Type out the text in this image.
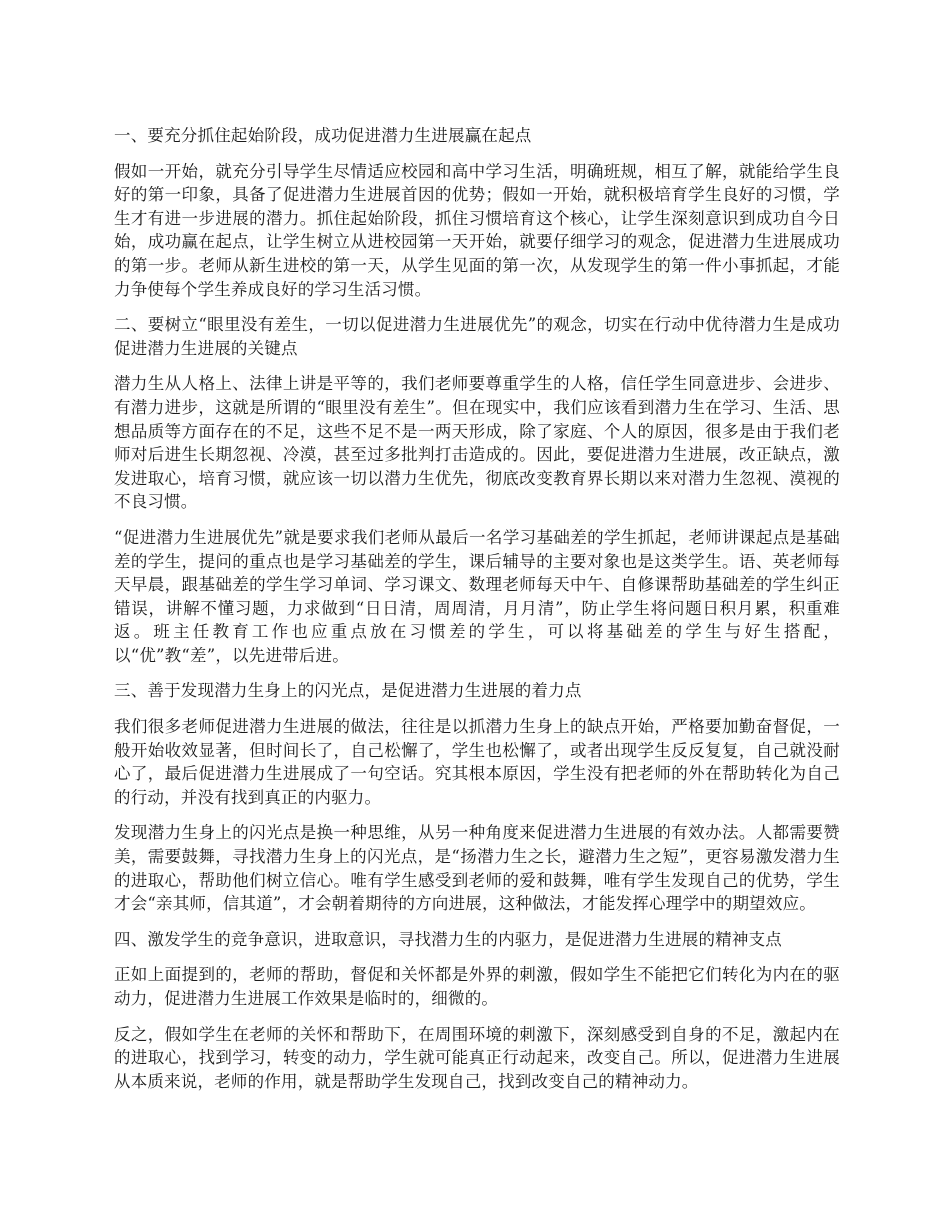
一、要充分抓住起始阶段，成功促进潜力生进展赢在起点

假如一开始，就充分引导学生尽情适应校园和高中学习生活，明确班规，相互了解，就能给学生良好的第一印象，具备了促进潜力生进展首因的优势；假如一开始，就积极培育学生良好的习惯，学生才有进一步进展的潜力。抓住起始阶段，抓住习惯培育这个核心，让学生深刻意识到成功自今日始，成功赢在起点，让学生树立从进校园第一天开始，就要仔细学习的观念，促进潜力生进展成功的第一步。老师从新生进校的第一天，从学生见面的第一次，从发现学生的第一件小事抓起，才能力争使每个学生养成良好的学习生活习惯。

二、要树立“眼里没有差生，一切以促进潜力生进展优先”的观念，切实在行动中优待潜力生是成功促进潜力生进展的关键点

潜力生从人格上、法律上讲是平等的，我们老师要尊重学生的人格，信任学生同意进步、会进步、有潜力进步，这就是所谓的“眼里没有差生”。但在现实中，我们应该看到潜力生在学习、生活、思想品质等方面存在的不足，这些不足不是一两天形成，除了家庭、个人的原因，很多是由于我们老师对后进生长期忽视、冷漠，甚至过多批判打击造成的。因此，要促进潜力生进展，改正缺点，激发进取心，培育习惯，就应该一切以潜力生优先，彻底改变教育界长期以来对潜力生忽视、漠视的不良习惯。

“促进潜力生进展优先”就是要求我们老师从最后一名学习基础差的学生抓起，老师讲课起点是基础差的学生，提问的重点也是学习基础差的学生，课后辅导的主要对象也是这类学生。语、英老师每天早晨，跟基础差的学生学习单词、学习课文、数理老师每天中午、自修课帮助基础差的学生纠正错误，讲解不懂习题，力求做到“日日清，周周清，月月清”，防止学生将问题日积月累，积重难返。班主任教育工作也应重点放在习惯差的学生，可以将基础差的学生与好生搭配，以“优”教“差”，以先进带后进。

三、善于发现潜力生身上的闪光点，是促进潜力生进展的着力点

我们很多老师促进潜力生进展的做法，往往是以抓潜力生身上的缺点开始，严格要加勤奋督促，一般开始收效显著，但时间长了，自己松懈了，学生也松懈了，或者出现学生反反复复，自己就没耐心了，最后促进潜力生进展成了一句空话。究其根本原因，学生没有把老师的外在帮助转化为自己的行动，并没有找到真正的内驱力。

发现潜力生身上的闪光点是换一种思维，从另一种角度来促进潜力生进展的有效办法。人都需要赞美，需要鼓舞，寻找潜力生身上的闪光点，是“扬潜力生之长，避潜力生之短”，更容易激发潜力生的进取心，帮助他们树立信心。唯有学生感受到老师的爱和鼓舞，唯有学生发现自己的优势，学生才会“亲其师，信其道”，才会朝着期待的方向进展，这种做法，才能发挥心理学中的期望效应。

四、激发学生的竞争意识，进取意识，寻找潜力生的内驱力，是促进潜力生进展的精神支点

正如上面提到的，老师的帮助，督促和关怀都是外界的刺激，假如学生不能把它们转化为内在的驱动力，促进潜力生进展工作效果是临时的，细微的。

反之，假如学生在老师的关怀和帮助下，在周围环境的刺激下，深刻感受到自身的不足，激起内在的进取心，找到学习，转变的动力，学生就可能真正行动起来，改变自己。所以，促进潜力生进展从本质来说，老师的作用，就是帮助学生发现自己，找到改变自己的精神动力。
